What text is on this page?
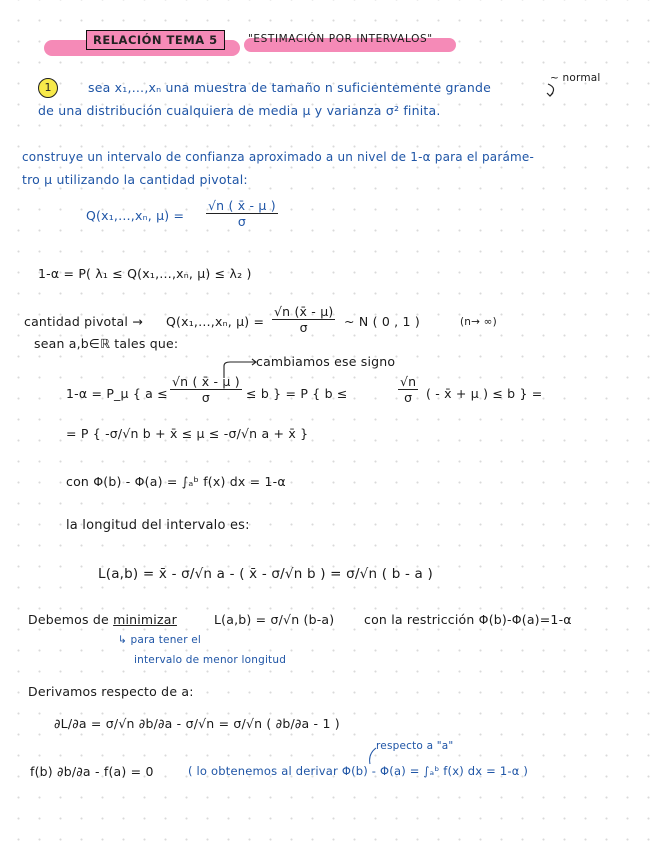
RELACIÓN TEMA 5	"ESTIMACIÓN POR INTERVALOS"
1	sea x₁,…,xₙ una muestra de tamaño n suficientemente grande
~ normal
de una distribución cualquiera de media μ y varianza σ² finita.
construye un intervalo de confianza aproximado a un nivel de 1-α para el paráme-
tro μ utilizando la cantidad pivotal:
Q(x₁,…,xₙ, $\mu) = \frac{√n ( x̄ - \mu )}{\sigma}$
1-α = P( λ₁ ≤ Q(x₁,…,xₙ, μ) ≤ λ₂ )
cantidad pivotal → Q(x₁,…,xₙ, $\mu) = \frac{√n (x̄ - \mu)}{\sigma}$ ~ N ( 0 , 1 )	(n→ ∞)
sean a,b∈ℝ tales que:
cambiamos ese signo
1-α = P_μ { $a \le \frac{√n ( x̄ - \mu )}{\sigma} \le b$ } = P { b ≤	$\frac{√n}{\sigma}$ ( - x̄ + μ ) ≤ b } =
= P { -σ/√n b + x̄ ≤ μ ≤ -σ/√n a + x̄ }
con Φ(b) - Φ(a) = ∫ₐᵇ f(x) dx = 1-α
la longitud del intervalo es:
L(a,b) = x̄ - σ/√n a - ( x̄ - σ/√n b ) = σ/√n ( b - a )
Debemos de minimizar	L(a,b) = σ/√n (b-a) con la restricción Φ(b)-Φ(a)=1-α
↳ para tener el
intervalo de menor longitud
Derivamos respecto de a:
∂L/∂a = σ/√n ∂b/∂a - σ/√n = σ/√n ( ∂b/∂a - 1 )
respecto a "a"
f(b) ∂b/∂a - f(a) = 0	( lo obtenemos al derivar Φ(b) - Φ(a) = ∫ₐᵇ f(x) dx = 1-α )
